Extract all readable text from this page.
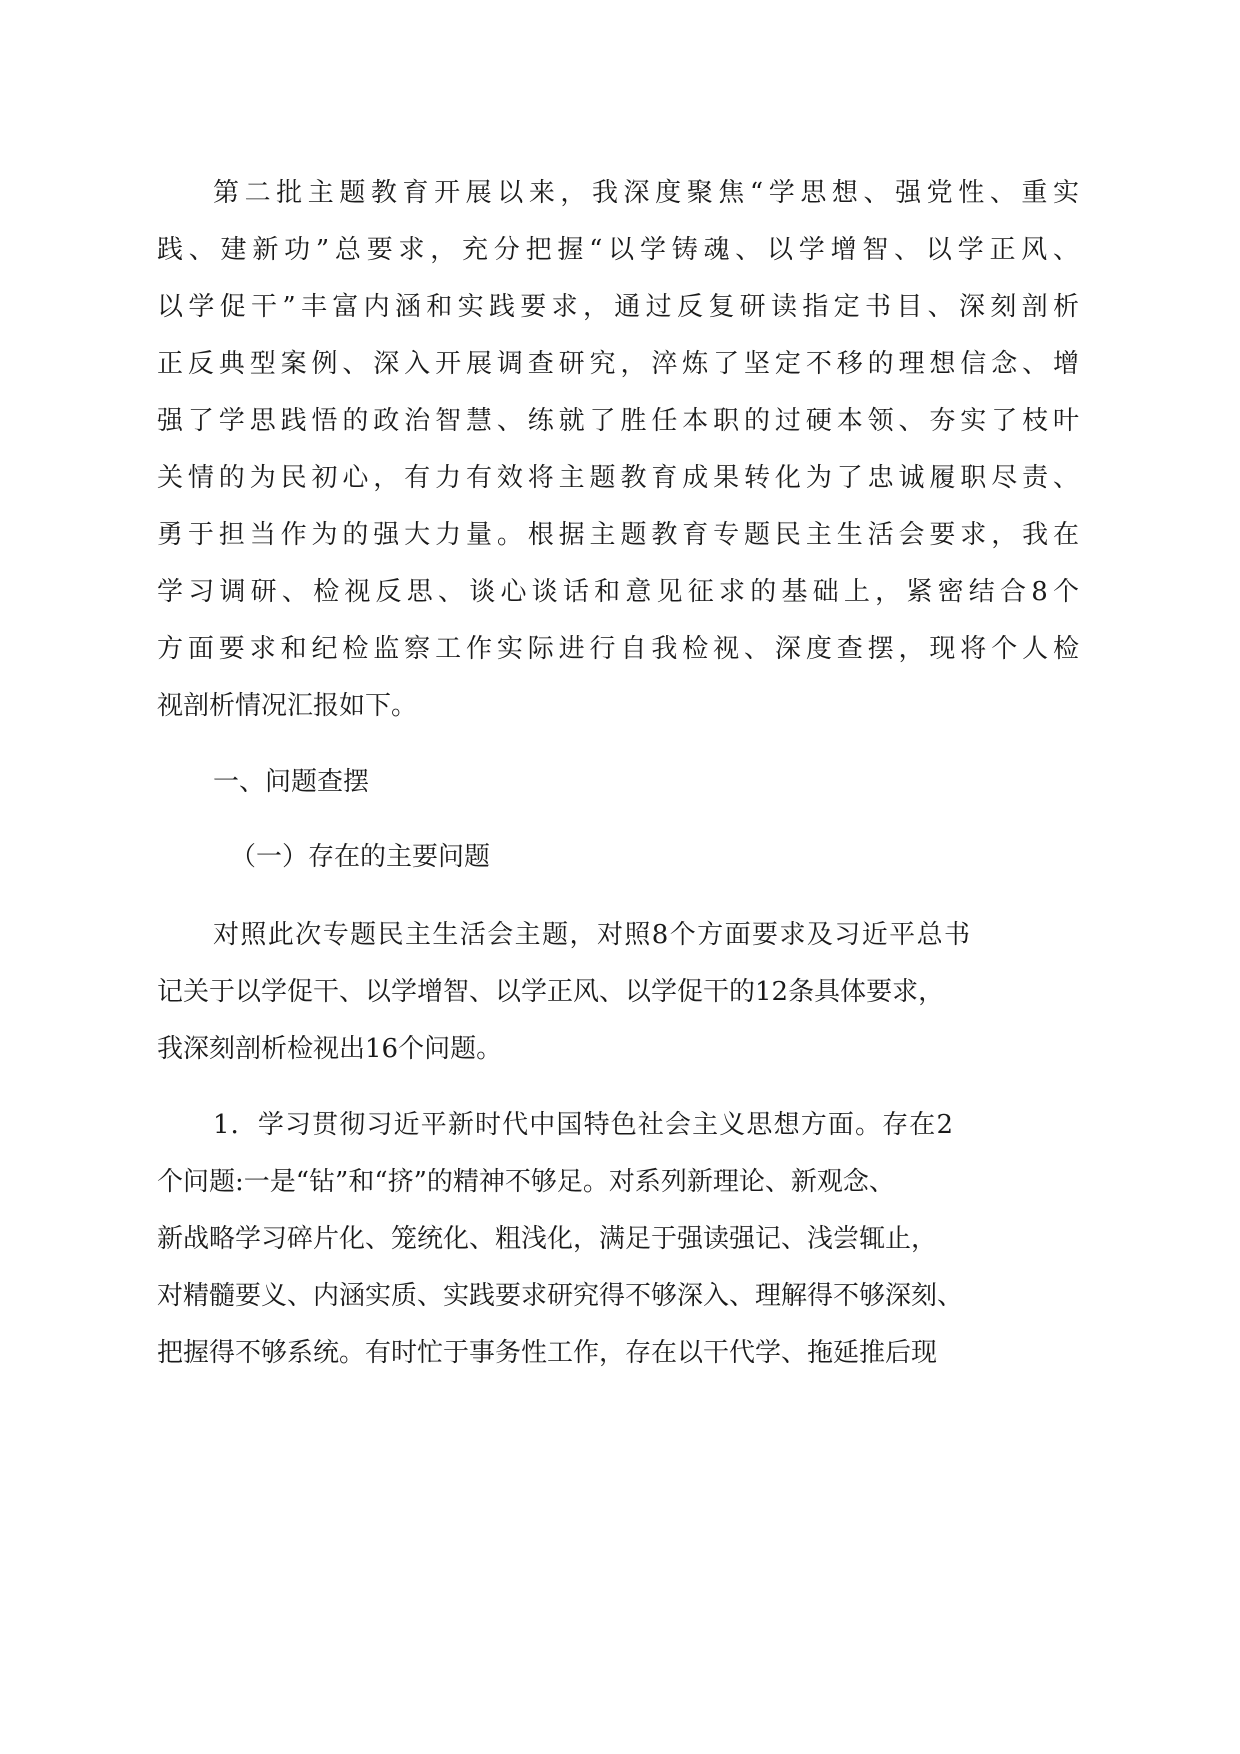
第二批主题教育开展以来，我深度聚焦“学思想、强党性、重实
践、建新功”总要求，充分把握“以学铸魂、以学增智、以学正风、
以学促干”丰富内涵和实践要求，通过反复研读指定书目、深刻剖析
正反典型案例、深入开展调查研究，淬炼了坚定不移的理想信念、增
强了学思践悟的政治智慧、练就了胜任本职的过硬本领、夯实了枝叶
关情的为民初心，有力有效将主题教育成果转化为了忠诚履职尽责、
勇于担当作为的强大力量。根据主题教育专题民主生活会要求，我在
学习调研、检视反思、谈心谈话和意见征求的基础上，紧密结合8个
方面要求和纪检监察工作实际进行自我检视、深度查摆，现将个人检
视剖析情况汇报如下。
一、问题查摆
（一）存在的主要问题
对照此次专题民主生活会主题，对照8个方面要求及习近平总书
记关于以学促干、以学增智、以学正风、以学促干的12条具体要求，
我深刻剖析检视出16个问题。
1．学习贯彻习近平新时代中国特色社会主义思想方面。存在2
个问题:一是“钻”和“挤”的精神不够足。对系列新理论、新观念、
新战略学习碎片化、笼统化、粗浅化，满足于强读强记、浅尝辄止，
对精髓要义、内涵实质、实践要求研究得不够深入、理解得不够深刻、
把握得不够系统。有时忙于事务性工作，存在以干代学、拖延推后现
